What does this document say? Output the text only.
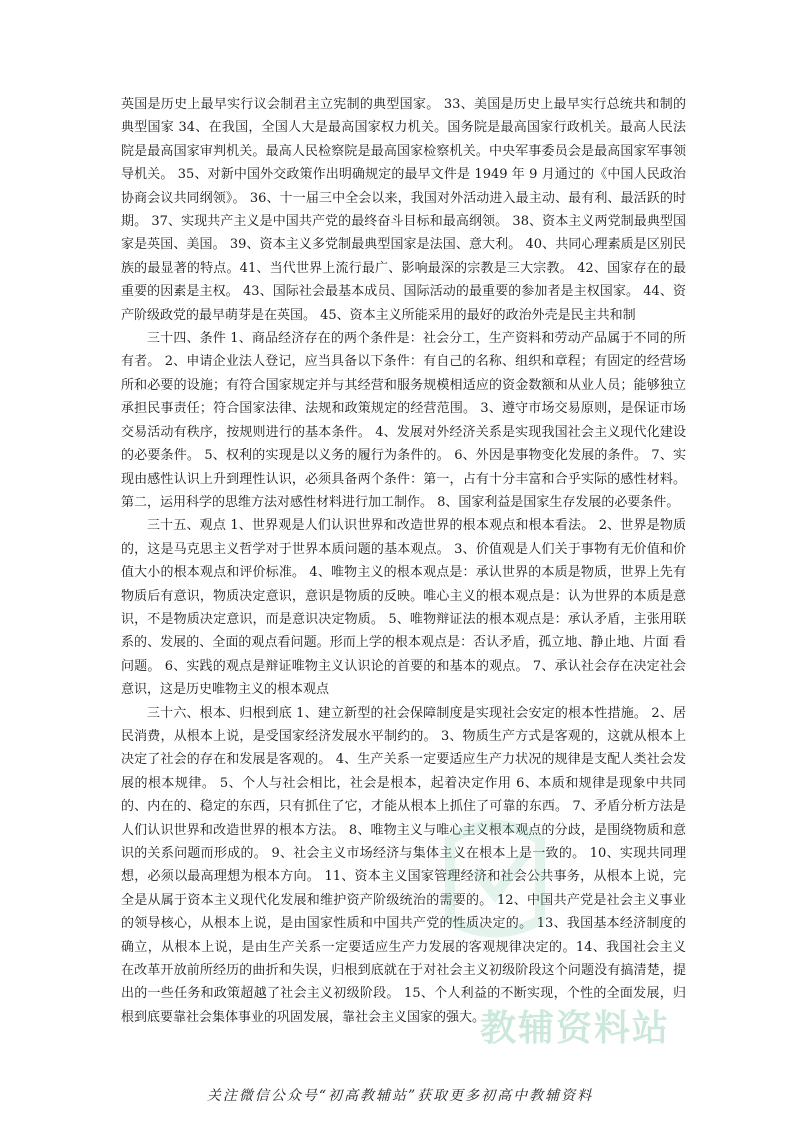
英国是历史上最早实行议会制君主立宪制的典型国家。 33、美国是历史上最早实行总统共和制的典型国家 34、在我国，全国人大是最高国家权力机关。国务院是最高国家行政机关。最高人民法院是最高国家审判机关。最高人民检察院是最高国家检察机关。中央军事委员会是最高国家军事领导机关。 35、对新中国外交政策作出明确规定的最早文件是 1949 年 9 月通过的《中国人民政治协商会议共同纲领》。 36、十一届三中全会以来，我国对外活动进入最主动、最有利、最活跃的时期。 37、实现共产主义是中国共产党的最终奋斗目标和最高纲领。 38、资本主义两党制最典型国家是英国、美国。 39、资本主义多党制最典型国家是法国、意大利。 40、共同心理素质是区别民族的最显著的特点。41、当代世界上流行最广、影响最深的宗教是三大宗教。 42、国家存在的最重要的因素是主权。 43、国际社会最基本成员、国际活动的最重要的参加者是主权国家。 44、资产阶级政党的最早萌芽是在英国。 45、资本主义所能采用的最好的政治外壳是民主共和制

三十四、条件 1、商品经济存在的两个条件是：社会分工，生产资料和劳动产品属于不同的所有者。 2、申请企业法人登记，应当具备以下条件：有自己的名称、组织和章程；有固定的经营场所和必要的设施；有符合国家规定并与其经营和服务规模相适应的资金数额和从业人员；能够独立承担民事责任；符合国家法律、法规和政策规定的经营范围。 3、遵守市场交易原则，是保证市场交易活动有秩序，按规则进行的基本条件。 4、发展对外经济关系是实现我国社会主义现代化建设的必要条件。 5、权利的实现是以义务的履行为条件的。 6、外因是事物变化发展的条件。 7、实现由感性认识上升到理性认识，必须具备两个条件：第一，占有十分丰富和合乎实际的感性材料。第二，运用科学的思维方法对感性材料进行加工制作。 8、国家利益是国家生存发展的必要条件。

三十五、观点 1、世界观是人们认识世界和改造世界的根本观点和根本看法。 2、世界是物质的，这是马克思主义哲学对于世界本质问题的基本观点。 3、价值观是人们关于事物有无价值和价值大小的根本观点和评价标准。 4、唯物主义的根本观点是：承认世界的本质是物质，世界上先有物质后有意识，物质决定意识，意识是物质的反映。唯心主义的根本观点是：认为世界的本质是意识，不是物质决定意识，而是意识决定物质。 5、唯物辩证法的根本观点是：承认矛盾，主张用联系的、发展的、全面的观点看问题。形而上学的根本观点是：否认矛盾，孤立地、静止地、片面 看问题。 6、实践的观点是辩证唯物主义认识论的首要的和基本的观点。 7、承认社会存在决定社会意识，这是历史唯物主义的根本观点

三十六、根本、归根到底 1、建立新型的社会保障制度是实现社会安定的根本性措施。 2、居民消费，从根本上说，是受国家经济发展水平制约的。 3、物质生产方式是客观的，这就从根本上决定了社会的存在和发展是客观的。 4、生产关系一定要适应生产力状况的规律是支配人类社会发展的根本规律。 5、个人与社会相比，社会是根本，起着决定作用 6、本质和规律是现象中共同的、内在的、稳定的东西，只有抓住了它，才能从根本上抓住了可靠的东西。 7、矛盾分析方法是人们认识世界和改造世界的根本方法。 8、唯物主义与唯心主义根本观点的分歧，是围绕物质和意识的关系问题而形成的。 9、社会主义市场经济与集体主义在根本上是一致的。 10、实现共同理想，必须以最高理想为根本方向。 11、资本主义国家管理经济和社会公共事务，从根本上说，完全是从属于资本主义现代化发展和维护资产阶级统治的需要的。 12、中国共产党是社会主义事业的领导核心，从根本上说，是由国家性质和中国共产党的性质决定的。 13、我国基本经济制度的确立，从根本上说，是由生产关系一定要适应生产力发展的客观规律决定的。14、我国社会主义 在改革开放前所经历的曲折和失误，归根到底就在于对社会主义初级阶段这个问题没有搞清楚，提出的一些任务和政策超越了社会主义初级阶段。 15、个人利益的不断实现，个性的全面发展，归根到底要靠社会集体事业的巩固发展，靠社会主义国家的强大。

教辅资料站
关注微信公众号“初高教辅站”获取更多初高中教辅资料
